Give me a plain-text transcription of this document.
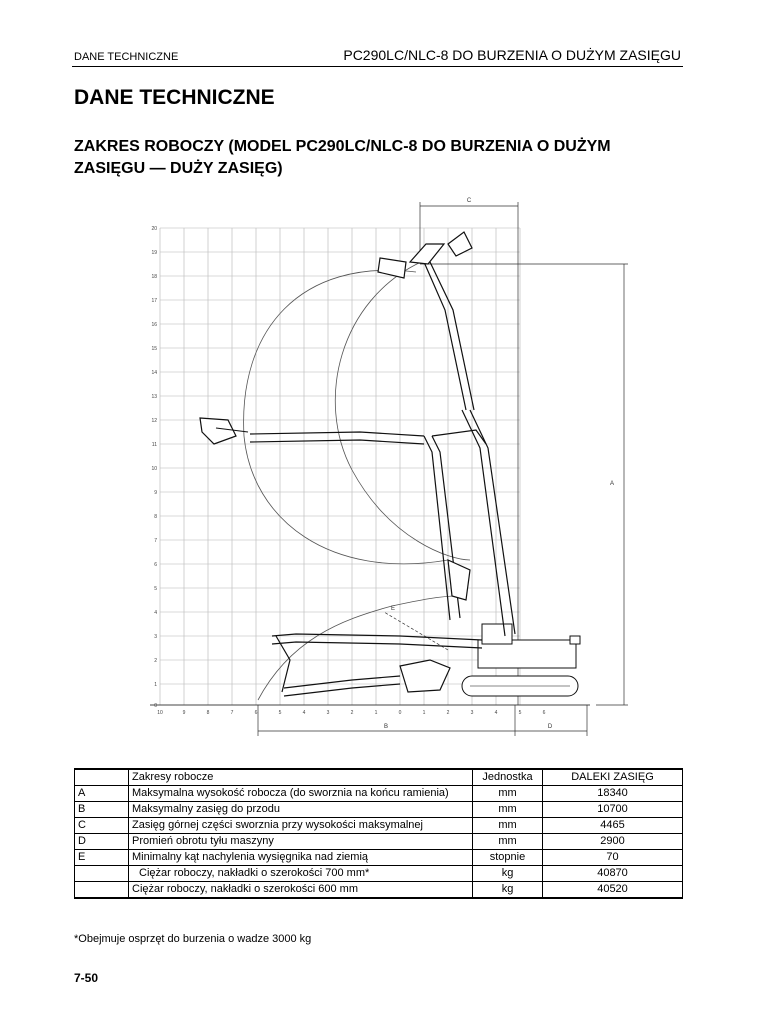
DANE TECHNICZNE	PC290LC/NLC-8 DO BURZENIA O DUŻYM ZASIĘGU
DANE TECHNICZNE
ZAKRES ROBOCZY (MODEL PC290LC/NLC-8 DO BURZENIA O DUŻYM ZASIĘGU — DUŻY ZASIĘG)
20
19
18
17
16
15
14
13
12
11
10
9
8
7
6
5
4
3
2
1
0
10	9	8	7	6	5	4	3	2	1	0	1	2	3	4	5	6
C
A
B	D
E
	Zakresy robocze	Jednostka	DALEKI ZASIĘG
A	Maksymalna wysokość robocza (do sworznia na końcu ramienia)	mm	18340
B	Maksymalny zasięg do przodu	mm	10700
C	Zasięg górnej części sworznia przy wysokości maksymalnej	mm	4465
D	Promień obrotu tyłu maszyny	mm	2900
E	Minimalny kąt nachylenia wysięgnika nad ziemią	stopnie	70
	Ciężar roboczy, nakładki o szerokości 700 mm*	kg	40870
	Ciężar roboczy, nakładki o szerokości 600 mm	kg	40520
*Obejmuje osprzęt do burzenia o wadze 3000 kg
7-50
